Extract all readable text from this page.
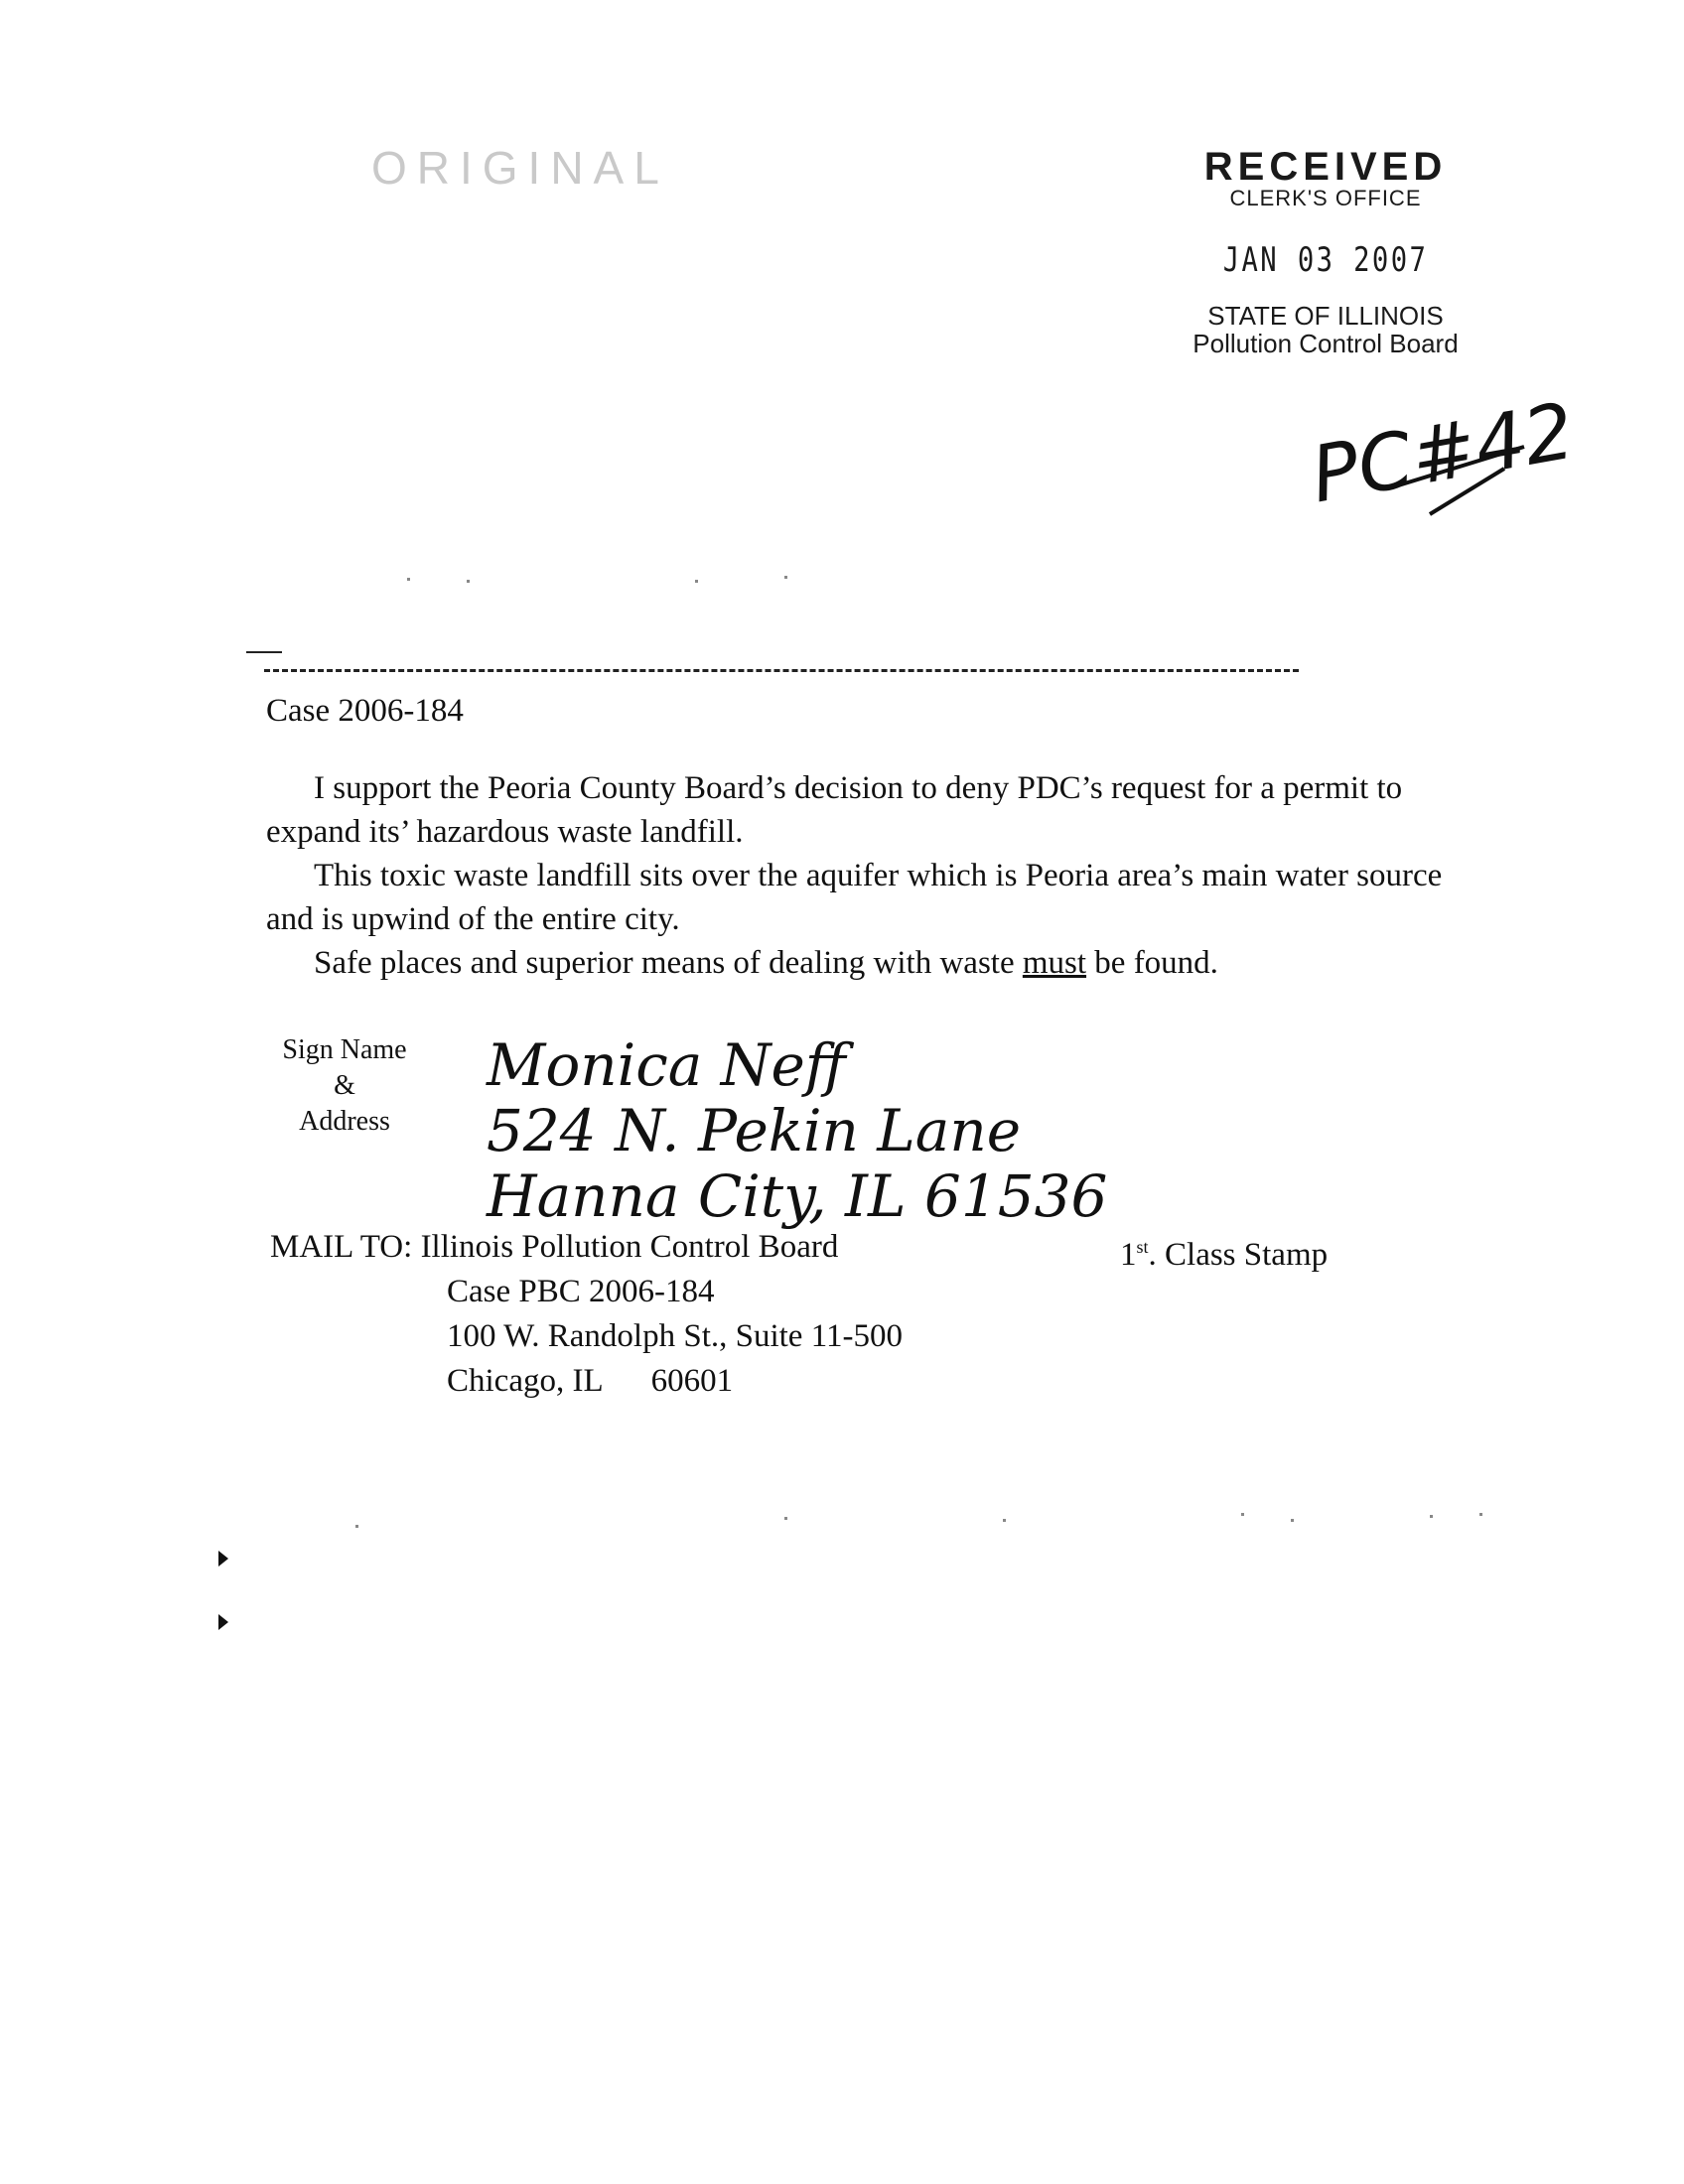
ORIGINAL	RECEIVED
CLERK'S OFFICE
JAN 03 2007
STATE OF ILLINOIS
Pollution Control Board
PC#42
Case 2006-184

I support the Peoria County Board’s decision to deny PDC’s request for a permit to expand its’ hazardous waste landfill.

This toxic waste landfill sits over the aquifer which is Peoria area’s main water source and is upwind of the entire city.

Safe places and superior means of dealing with waste must be found.

Sign Name
&
Address
Monica Neff
524 N. Pekin Lane
Hanna City, IL 61536
MAIL TO: Illinois Pollution Control Board
Case PBC 2006-184
100 W. Randolph St., Suite 11-500
Chicago, IL 60601
1st. Class Stamp
